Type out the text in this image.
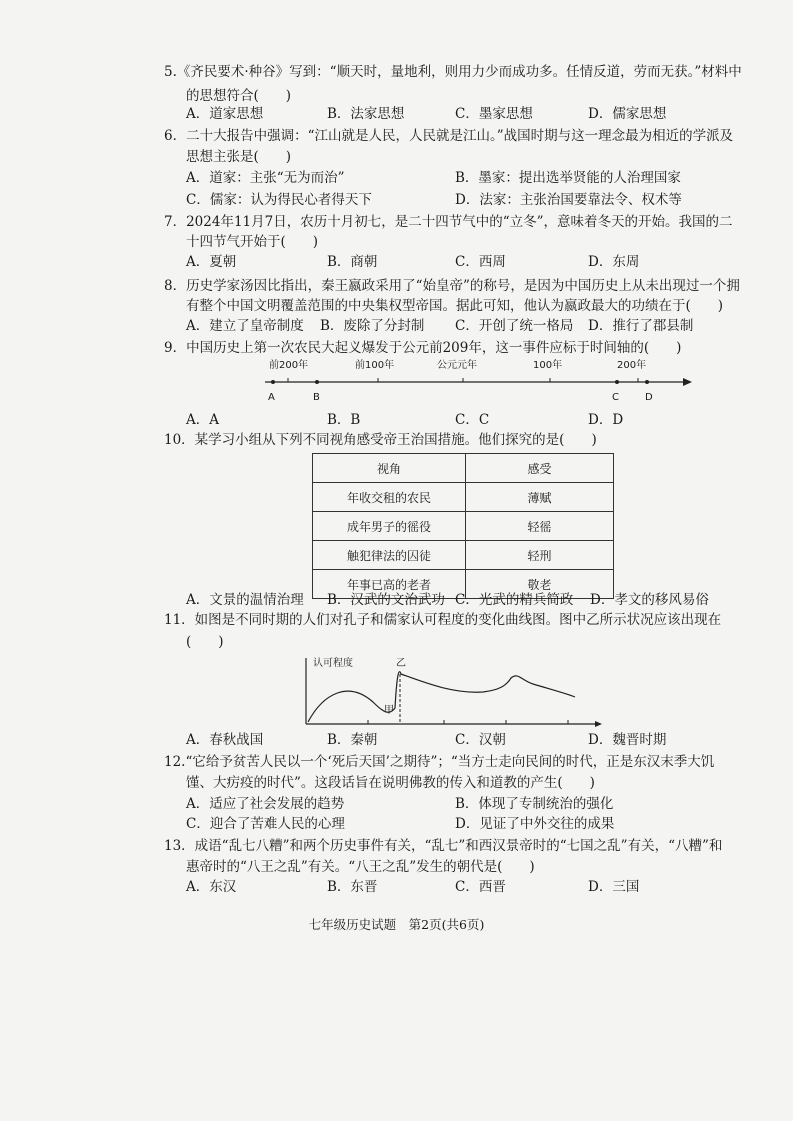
5.《齐民要术·种谷》写到：“顺天时，量地利，则用力少而成功多。任情反道，劳而无获。”材料中
的思想符合(　　)
A．道家思想	B．法家思想	C．墨家思想	D．儒家思想
6．二十大报告中强调：“江山就是人民，人民就是江山。”战国时期与这一理念最为相近的学派及
思想主张是(　　)
A．道家：主张“无为而治”	B．墨家：提出选举贤能的人治理国家
C．儒家：认为得民心者得天下	D．法家：主张治国要靠法令、权术等
7．2024年11月7日，农历十月初七，是二十四节气中的“立冬”，意味着冬天的开始。我国的二
十四节气开始于(　　)
A．夏朝	B．商朝	C．西周	D．东周
8．历史学家汤因比指出，秦王嬴政采用了“始皇帝”的称号，是因为中国历史上从未出现过一个拥
有整个中国文明覆盖范围的中央集权型帝国。据此可知，他认为嬴政最大的功绩在于(　　)
A．建立了皇帝制度 B．废除了分封制 C．开创了统一格局 D．推行了郡县制
9．中国历史上第一次农民大起义爆发于公元前209年，这一事件应标于时间轴的(　　)
前200年	前100年	公元元年	100年	200年
A	B	C	D
A．A	B．B	C．C	D．D
10．某学习小组从下列不同视角感受帝王治国措施。他们探究的是(　　)
视角	感受
年收交租的农民	薄赋
成年男子的徭役	轻徭
触犯律法的囚徒	轻刑
年事已高的老者	敬老
A．文景的温情治理 B．汉武的文治武功 C．光武的精兵简政 D．孝文的移风易俗
11．如图是不同时期的人们对孔子和儒家认可程度的变化曲线图。图中乙所示状况应该出现在
(　　)
认可程度
甲
乙
A．春秋战国	B．秦朝	C．汉朝	D．魏晋时期
12.“它给予贫苦人民以一个‘死后天国’之期待”；“当方士走向民间的时代，正是东汉末季大饥
馑、大疠疫的时代”。这段话旨在说明佛教的传入和道教的产生(　　)
A．适应了社会发展的趋势	B．体现了专制统治的强化
C．迎合了苦难人民的心理	D．见证了中外交往的成果
13．成语“乱七八糟”和两个历史事件有关，“乱七”和西汉景帝时的“七国之乱”有关，“八糟”和
惠帝时的“八王之乱”有关。“八王之乱”发生的朝代是(　　)
A．东汉	B．东晋	C．西晋	D．三国
七年级历史试题　第2页(共6页)
